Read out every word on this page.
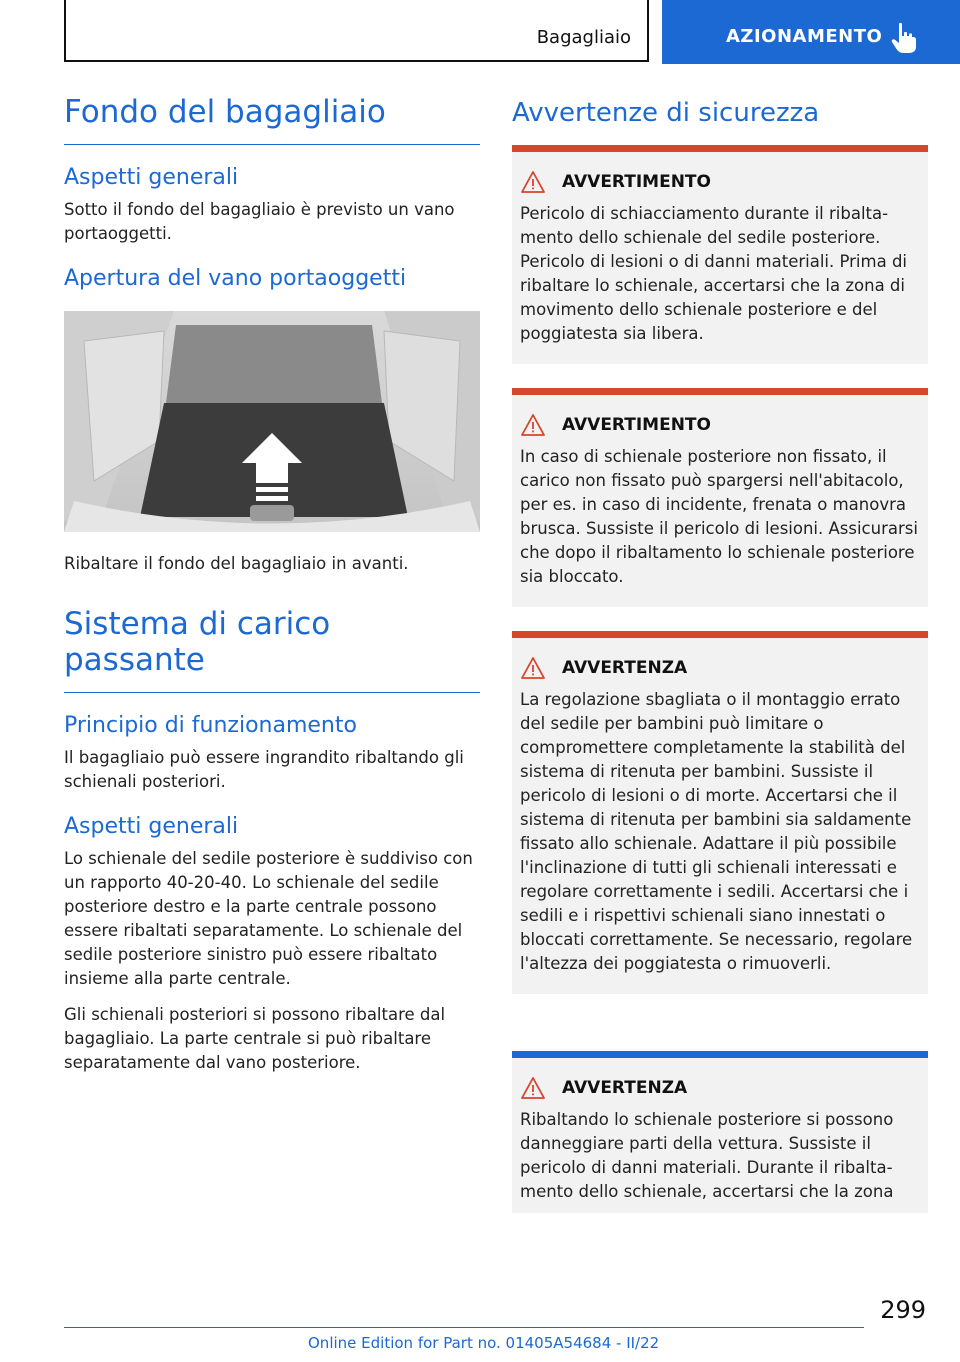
Bagagliaio	AZIONAMENTO
Fondo del bagagliaio
Aspetti generali

Sotto il fondo del bagagliaio è previsto un vano portaoggetti.

Apertura del vano portaoggetti

Ribaltare il fondo del bagagliaio in avanti.

Sistema di carico passante
Principio di funzionamento

Il bagagliaio può essere ingrandito ribaltando gli schienali posteriori.

Aspetti generali

Lo schienale del sedile posteriore è suddiviso con un rapporto 40-20-40. Lo schienale del sedile posteriore destro e la parte centrale possono essere ribaltati separatamente. Lo schienale del sedile posteriore sinistro può essere ribaltato insieme alla parte centrale.

Gli schienali posteriori si possono ribaltare dal bagagliaio. La parte centrale si può ribaltare separatamente dal vano posteriore.

Avvertenze di sicurezza
AVVERTIMENTO

Pericolo di schiacciamento durante il ribaltamento dello schienale del sedile posteriore. Pericolo di lesioni o di danni materiali. Prima di ribaltare lo schienale, accertarsi che la zona di movimento dello schienale posteriore e del poggiatesta sia libera.

AVVERTIMENTO

In caso di schienale posteriore non fissato, il carico non fissato può spargersi nell'abitacolo, per es. in caso di incidente, frenata o manovra brusca. Sussiste il pericolo di lesioni. Assicurarsi che dopo il ribaltamento lo schienale posteriore sia bloccato.

AVVERTENZA

La regolazione sbagliata o il montaggio errato del sedile per bambini può limitare o compromettere completamente la stabilità del sistema di ritenuta per bambini. Sussiste il pericolo di lesioni o di morte. Accertarsi che il sistema di ritenuta per bambini sia saldamente fissato allo schienale. Adattare il più possibile l'inclinazione di tutti gli schienali interessati e regolare correttamente i sedili. Accertarsi che i sedili e i rispettivi schienali siano innestati o bloccati correttamente. Se necessario, regolare l'altezza dei poggiatesta o rimuoverli.

AVVERTENZA

Ribaltando lo schienale posteriore si possono danneggiare parti della vettura. Sussiste il pericolo di danni materiali. Durante il ribaltamento dello schienale, accertarsi che la zona

299
Online Edition for Part no. 01405A54684 - II/22
